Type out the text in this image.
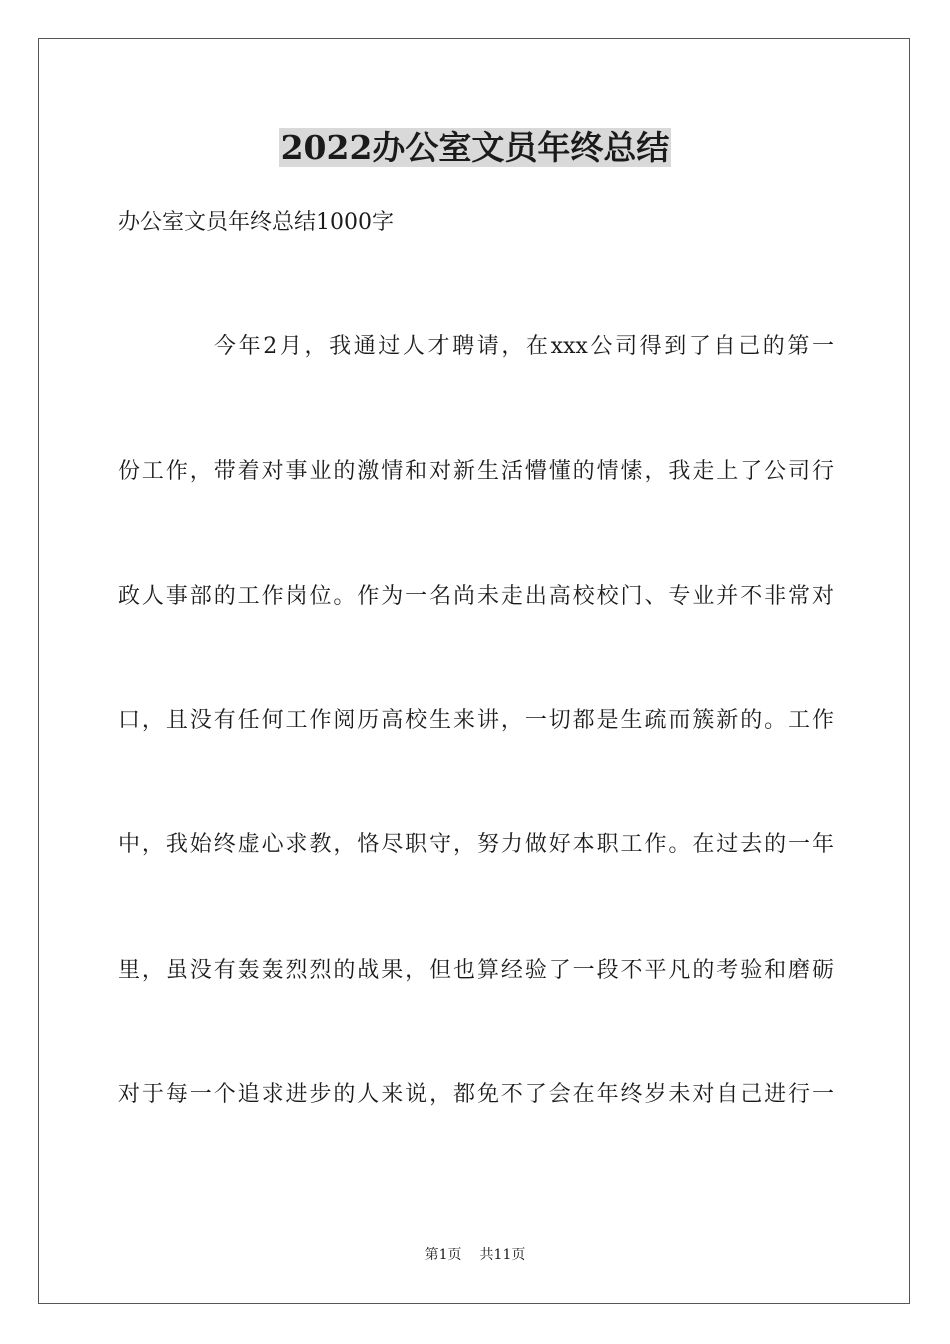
2022办公室文员年终总结

办公室文员年终总结1000字

今年2月，我通过人才聘请，在xxx公司得到了自己的第一

份工作，带着对事业的激情和对新生活懵懂的情愫，我走上了公司行

政人事部的工作岗位。作为一名尚未走出高校校门、专业并不非常对

口，且没有任何工作阅历高校生来讲，一切都是生疏而簇新的。工作

中，我始终虚心求教，恪尽职守，努力做好本职工作。在过去的一年

里，虽没有轰轰烈烈的战果，但也算经验了一段不平凡的考验和磨砺

对于每一个追求进步的人来说，都免不了会在年终岁未对自己进行一

第1页 共11页
